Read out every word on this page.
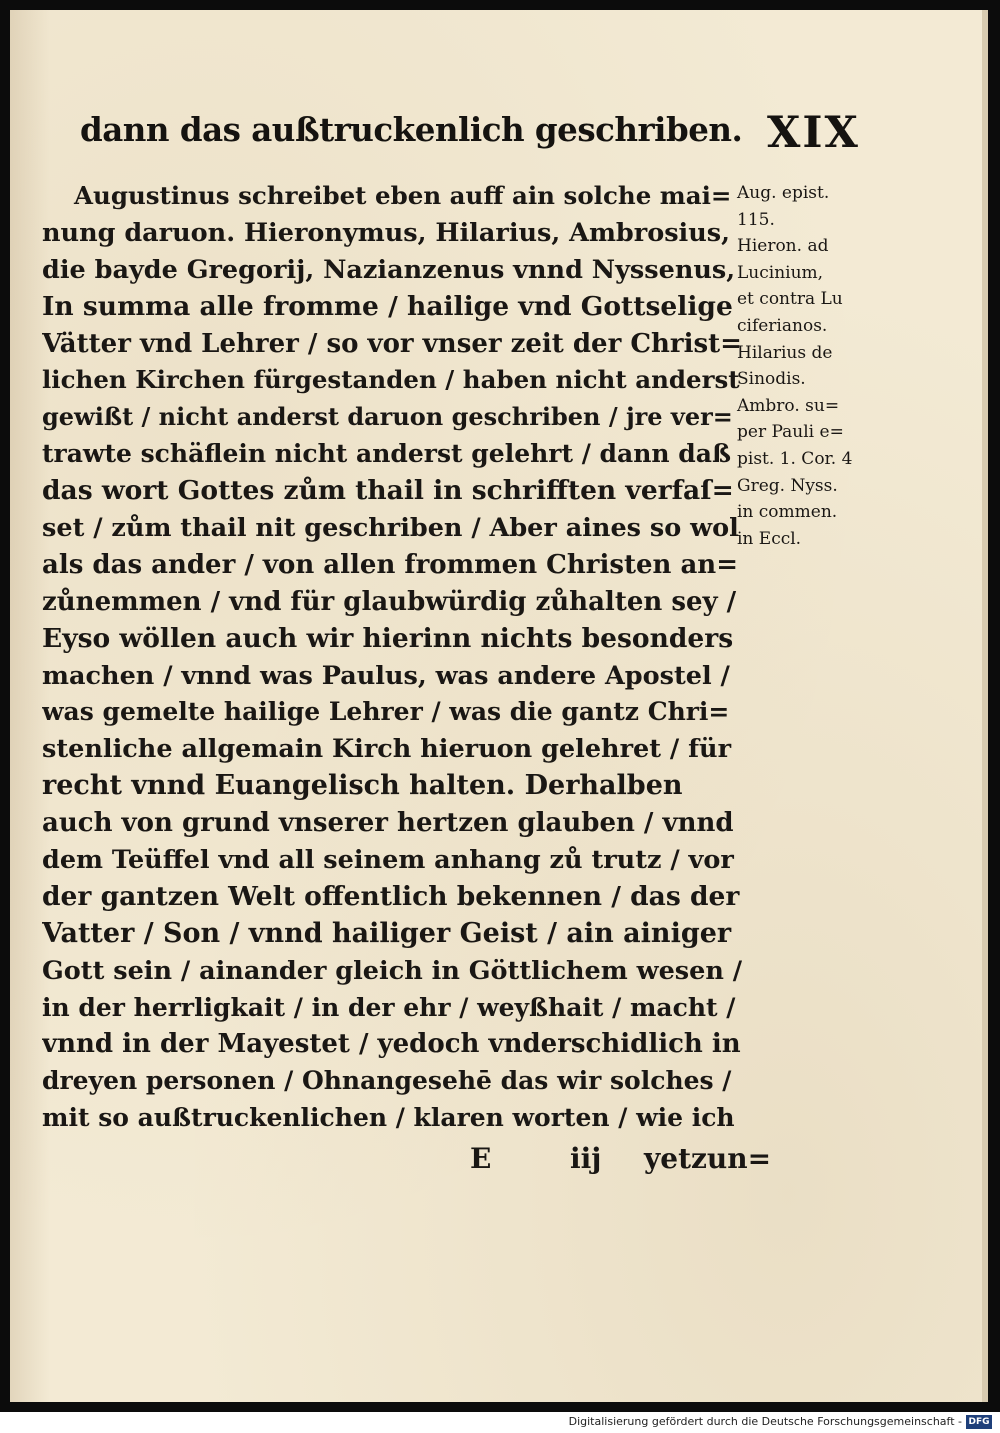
dann das außtruckenlich geschriben. XIX
Augustinus schreibet eben auff ain solche mai=
nung daruon. Hieronymus, Hilarius, Ambrosius,
die bayde Gregorij, Nazianzenus vnnd Nyssenus,
In summa alle fromme / hailige vnd Gottselige
Vätter vnd Lehrer / so vor vnser zeit der Christ=
lichen Kirchen fürgestanden / haben nicht anderst
gewißt / nicht anderst daruon geschriben / jre ver=
trawte schäflein nicht anderst gelehrt / dann daß
das wort Gottes zům thail in schrifften verfaſ=
set / zům thail nit geschriben / Aber aines so wol
als das ander / von allen frommen Christen an=
zůnemmen / vnd für glaubwürdig zůhalten sey /
Eyso wöllen auch wir hierinn nichts besonders
machen / vnnd was Paulus, was andere Apostel /
was gemelte hailige Lehrer / was die gantz Chri=
stenliche allgemain Kirch hieruon gelehret / für
recht vnnd Euangelisch halten. Derhalben
auch von grund vnserer hertzen glauben / vnnd
dem Teüffel vnd all seinem anhang zů trutz / vor
der gantzen Welt offentlich bekennen / das der
Vatter / Son / vnnd hailiger Geist / ain ainiger
Gott sein / ainander gleich in Göttlichem wesen /
in der herrligkait / in der ehr / weyßhait / macht /
vnnd in der Mayestet / yedoch vnderschidlich in
dreyen personen / Ohnangesehē das wir solches /
mit so außtruckenlichen / klaren worten / wie ich
Aug. epist.
115.
Hieron. ad
Lucinium,
et contra Lu
ciferianos.
Hilarius de
Sinodis.
Ambro. su=
per Pauli e=
pist. 1. Cor. 4
Greg. Nyss.
in commen.
in Eccl.
E	iij yetzun=
Digitalisierung gefördert durch die Deutsche Forschungsgemeinschaft - DFG
